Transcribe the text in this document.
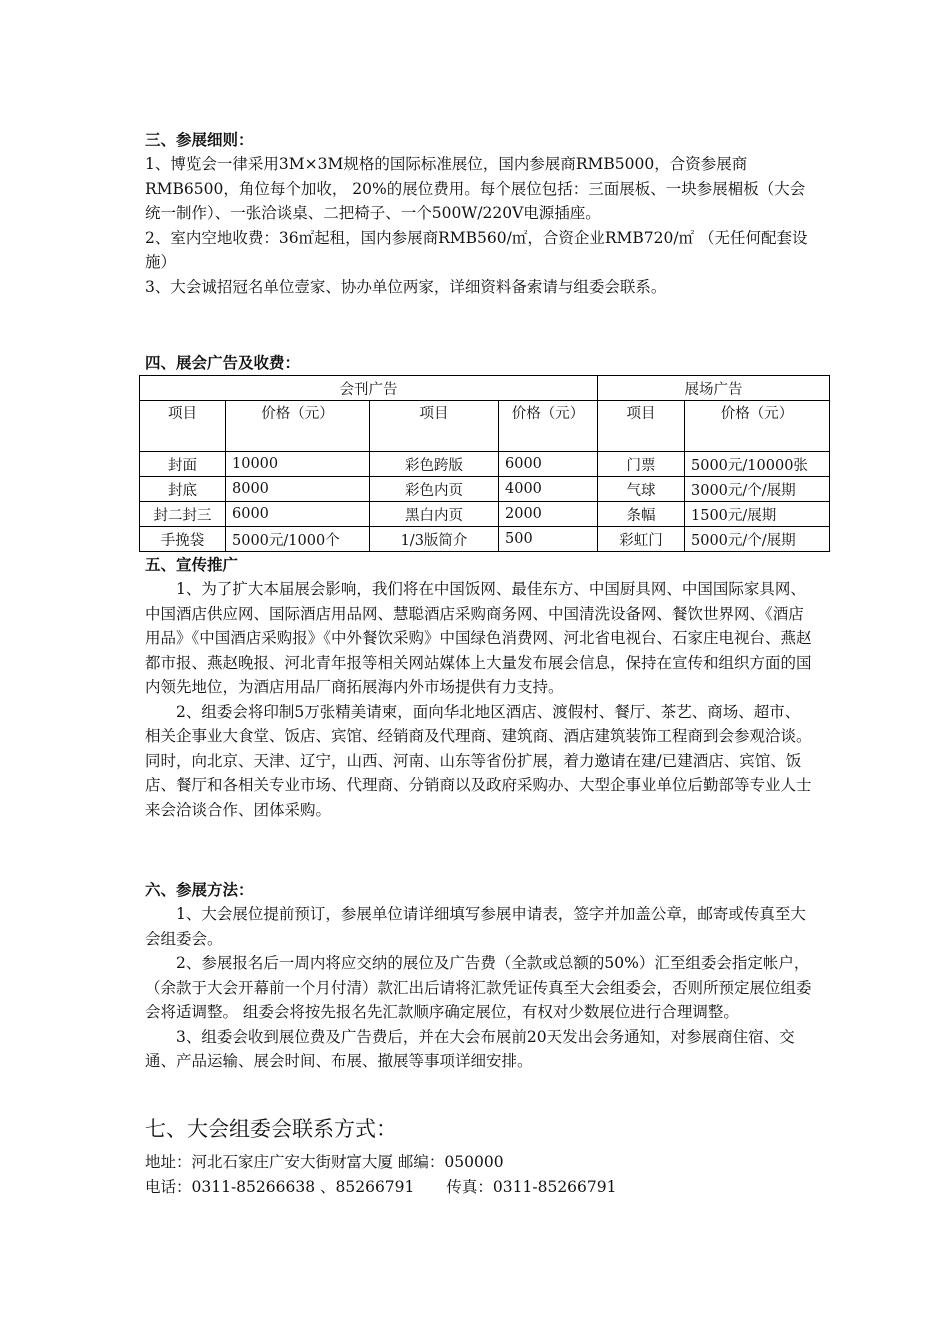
三、参展细则：

1、博览会一律采用3M×3M规格的国际标准展位，国内参展商RMB5000，合资参展商RMB6500，角位每个加收， 20%的展位费用。每个展位包括：三面展板、一块参展楣板（大会统一制作）、一张洽谈桌、二把椅子、一个500W/220V电源插座。

2、室内空地收费：36㎡起租，国内参展商RMB560/㎡，合资企业RMB720/㎡ （无任何配套设施）

3、大会诚招冠名单位壹家、协办单位两家，详细资料备索请与组委会联系。

四、展会广告及收费：
会刊广告				展场广告	
项目	价格（元）	项目	价格（元）	项目	价格（元）
封面	10000	彩色跨版	6000	门票	5000元/10000张
封底	8000	彩色内页	4000	气球	3000元/个/展期
封二封三	6000	黑白内页	2000	条幅	1500元/展期
手挽袋	5000元/1000个	1/3版简介	500	彩虹门	5000元/个/展期
五、宣传推广

1、为了扩大本届展会影响，我们将在中国饭网、最佳东方、中国厨具网、中国国际家具网、中国酒店供应网、国际酒店用品网、慧聪酒店采购商务网、中国清洗设备网、餐饮世界网、《酒店用品》《中国酒店采购报》《中外餐饮采购》中国绿色消费网、河北省电视台、石家庄电视台、燕赵都市报、燕赵晚报、河北青年报等相关网站媒体上大量发布展会信息，保持在宣传和组织方面的国内领先地位，为酒店用品厂商拓展海内外市场提供有力支持。

2、组委会将印制5万张精美请柬，面向华北地区酒店、渡假村、餐厅、茶艺、商场、超市、相关企事业大食堂、饭店、宾馆、经销商及代理商、建筑商、酒店建筑装饰工程商到会参观洽谈。同时，向北京、天津、辽宁，山西、河南、山东等省份扩展，着力邀请在建/已建酒店、宾馆、饭店、餐厅和各相关专业市场、代理商、分销商以及政府采购办、大型企事业单位后勤部等专业人士来会洽谈合作、团体采购。

六、参展方法：

1、大会展位提前预订，参展单位请详细填写参展申请表，签字并加盖公章，邮寄或传真至大会组委会。

2、参展报名后一周内将应交纳的展位及广告费（全款或总额的50%）汇至组委会指定帐户，（余款于大会开幕前一个月付清）款汇出后请将汇款凭证传真至大会组委会，否则所预定展位组委会将适调整。 组委会将按先报名先汇款顺序确定展位，有权对少数展位进行合理调整。

3、组委会收到展位费及广告费后，并在大会布展前20天发出会务通知，对参展商住宿、交通、产品运输、展会时间、布展、撤展等事项详细安排。

七、大会组委会联系方式：

地址：河北石家庄广安大街财富大厦 邮编：050000

电话：0311-85266638 、85266791 传真：0311-85266791
